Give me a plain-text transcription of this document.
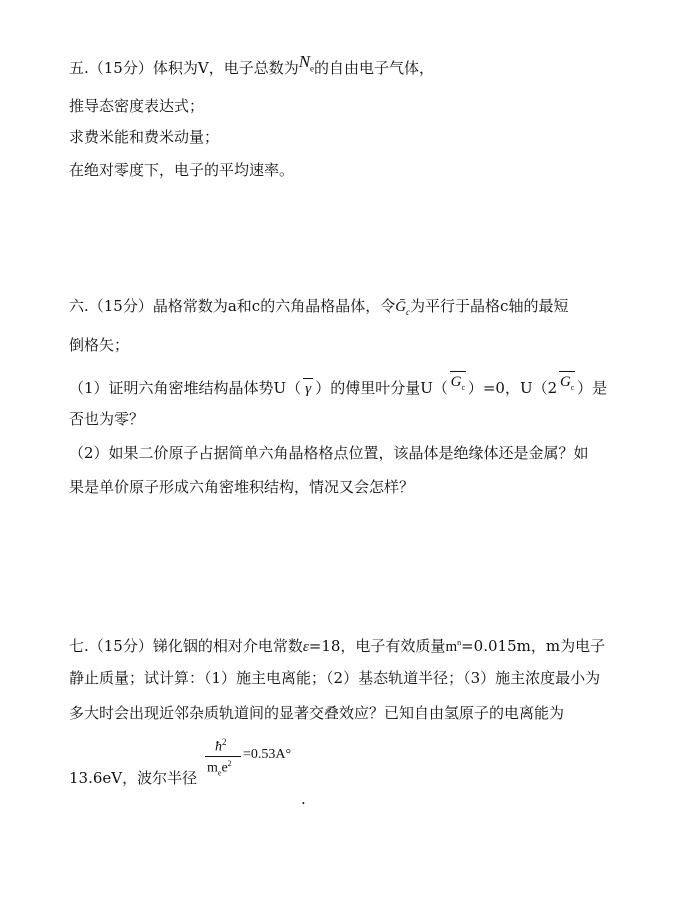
五.（15分）体积为V，电子总数为$N_e$的自由电子气体，
推导态密度表达式；
求费米能和费米动量；
在绝对零度下，电子的平均速率。
六.（15分）晶格常数为a和c的六角晶格晶体，令Ḡ$_c$为平行于晶格c轴的最短
倒格矢；
（1）证明六角密堆结构晶体势U（ γ ）的傅里叶分量U（ $G_c$ ）=0，U（2 $G_c$ ）是
否也为零？
（2）如果二价原子占据简单六角晶格格点位置，该晶体是绝缘体还是金属？如
果是单价原子形成六角密堆积结构，情况又会怎样？
七.（15分）锑化铟的相对介电常数ε=18，电子有效质量$m^n=0.015m$，m为电子
静止质量；试计算：（1）施主电离能；（2）基态轨道半径；（3）施主浓度最小为
多大时会出现近邻杂质轨道间的显著交叠效应？已知自由氢原子的电离能为
13.6eV，波尔半径
$ħ^2$
$m_ee^2$
=0.53A°
.
